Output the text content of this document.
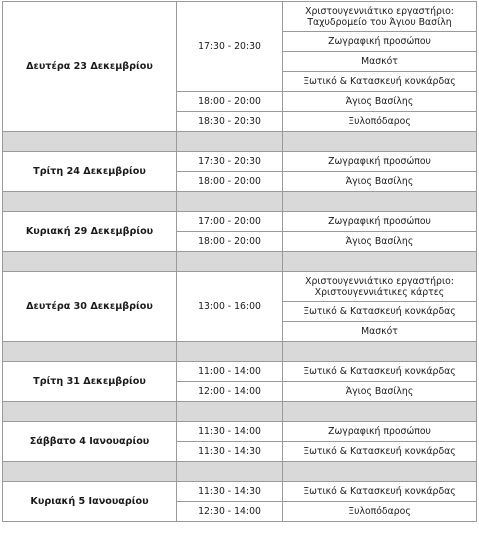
Δευτέρα 23 Δεκεμβρίου	17:30 - 20:30	Χριστουγεννιάτικο εργαστήριο: Ταχυδρομείο του Άγιου Βασίλη
		Ζωγραφική προσώπου
		Μασκότ
		Ξωτικό & Κατασκευή κονκάρδας
	18:00 - 20:00	Άγιος Βασίλης
	18:30 - 20:30	Ξυλοπόδαρος

Τρίτη 24 Δεκεμβρίου	17:30 - 20:30	Ζωγραφική προσώπου
	18:00 - 20:00	Άγιος Βασίλης

Κυριακή 29 Δεκεμβρίου	17:00 - 20:00	Ζωγραφική προσώπου
	18:00 - 20:00	Άγιος Βασίλης

Δευτέρα 30 Δεκεμβρίου	13:00 - 16:00	Χριστουγεννιάτικο εργαστήριο: Χριστουγεννιάτικες κάρτες
		Ξωτικό & Κατασκευή κονκάρδας
		Μασκότ

Τρίτη 31 Δεκεμβρίου	11:00 - 14:00	Ξωτικό & Κατασκευή κονκάρδας
	12:00 - 14:00	Άγιος Βασίλης

Σάββατο 4 Ιανουαρίου	11:30 - 14:00	Ζωγραφική προσώπου
	11:30 - 14:30	Ξωτικό & Κατασκευή κονκάρδας

Κυριακή 5 Ιανουαρίου	11:30 - 14:30	Ξωτικό & Κατασκευή κονκάρδας
	12:30 - 14:00	Ξυλοπόδαρος
